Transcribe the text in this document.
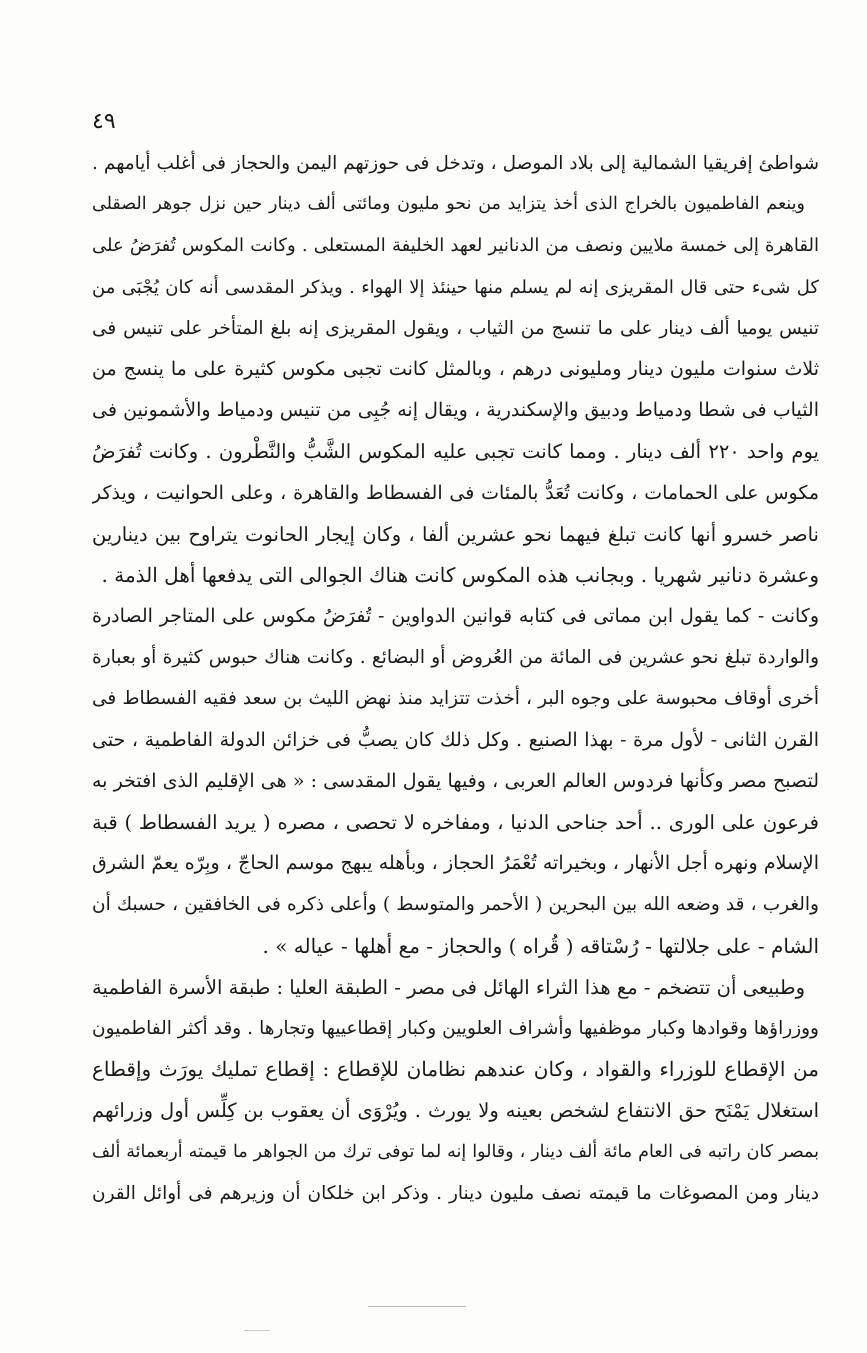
٤٩
شواطئ إفريقيا الشمالية إلى بلاد الموصل ، وتدخل فى حوزتهم اليمن والحجاز فى أغلب أيامهم .
وينعم الفاطميون بالخراج الذى أخذ يتزايد من نحو مليون ومائتى ألف دينار حين نزل جوهر الصقلى
القاهرة إلى خمسة ملايين ونصف من الدنانير لعهد الخليفة المستعلى . وكانت المكوس تُفرَضُ على
كل شىء حتى قال المقريزى إنه لم يسلم منها حينئذ إلا الهواء . ويذكر المقدسى أنه كان يُجْبَى من
تنيس يوميا ألف دينار على ما تنسج من الثياب ، ويقول المقريزى إنه بلغ المتأخر على تنيس فى
ثلاث سنوات مليون دينار ومليونى درهم ، وبالمثل كانت تجبى مكوس كثيرة على ما ينسج من
الثياب فى شطا ودمياط ودبيق والإسكندرية ، ويقال إنه جُبِى من تنيس ودمياط والأشمونين فى
يوم واحد ٢٢٠ ألف دينار . ومما كانت تجبى عليه المكوس الشَّبُّ والنَّطْرون . وكانت تُفرَضُ
مكوس على الحمامات ، وكانت تُعَدُّ بالمئات فى الفسطاط والقاهرة ، وعلى الحوانيت ، ويذكر
ناصر خسرو أنها كانت تبلغ فيهما نحو عشرين ألفا ، وكان إيجار الحانوت يتراوح بين دينارين
وعشرة دنانير شهريا . وبجانب هذه المكوس كانت هناك الجوالى التى يدفعها أهل الذمة .
وكانت - كما يقول ابن مماتى فى كتابه قوانين الدواوين - تُفرَضُ مكوس على المتاجر الصادرة
والواردة تبلغ نحو عشرين فى المائة من العُروض أو البضائع . وكانت هناك حبوس كثيرة أو بعبارة
أخرى أوقاف محبوسة على وجوه البر ، أخذت تتزايد منذ نهض الليث بن سعد فقيه الفسطاط فى
القرن الثانى - لأول مرة - بهذا الصنيع . وكل ذلك كان يصبُّ فى خزائن الدولة الفاطمية ، حتى
لتصبح مصر وكأنها فردوس العالم العربى ، وفيها يقول المقدسى : « هى الإقليم الذى افتخر به
فرعون على الورى .. أحد جناحى الدنيا ، ومفاخره لا تحصى ، مصره ( يريد الفسطاط ) قبة
الإسلام ونهره أجل الأنهار ، وبخيراته تُعْمَرُ الحجاز ، وبأهله يبهج موسم الحاجّ ، وبِرّه يعمّ الشرق
والغرب ، قد وضعه الله بين البحرين ( الأحمر والمتوسط ) وأعلى ذكره فى الخافقين ، حسبك أن
الشام - على جلالتها - رُسْتاقه ( قُراه ) والحجاز - مع أهلها - عياله » .
وطبيعى أن تتضخم - مع هذا الثراء الهائل فى مصر - الطبقة العليا : طبقة الأسرة الفاطمية
ووزراؤها وقوادها وكبار موظفيها وأشراف العلويين وكبار إقطاعييها وتجارها . وقد أكثر الفاطميون
من الإقطاع للوزراء والقواد ، وكان عندهم نظامان للإقطاع : إقطاع تمليك يورَث وإقطاع
استغلال يَمْنَح حق الانتفاع لشخص بعينه ولا يورث . ويُرْوَى أن يعقوب بن كِلِّس أول وزرائهم
بمصر كان راتبه فى العام مائة ألف دينار ، وقالوا إنه لما توفى ترك من الجواهر ما قيمته أربعمائة ألف
دينار ومن المصوغات ما قيمته نصف مليون دينار . وذكر ابن خلكان أن وزيرهم فى أوائل القرن
